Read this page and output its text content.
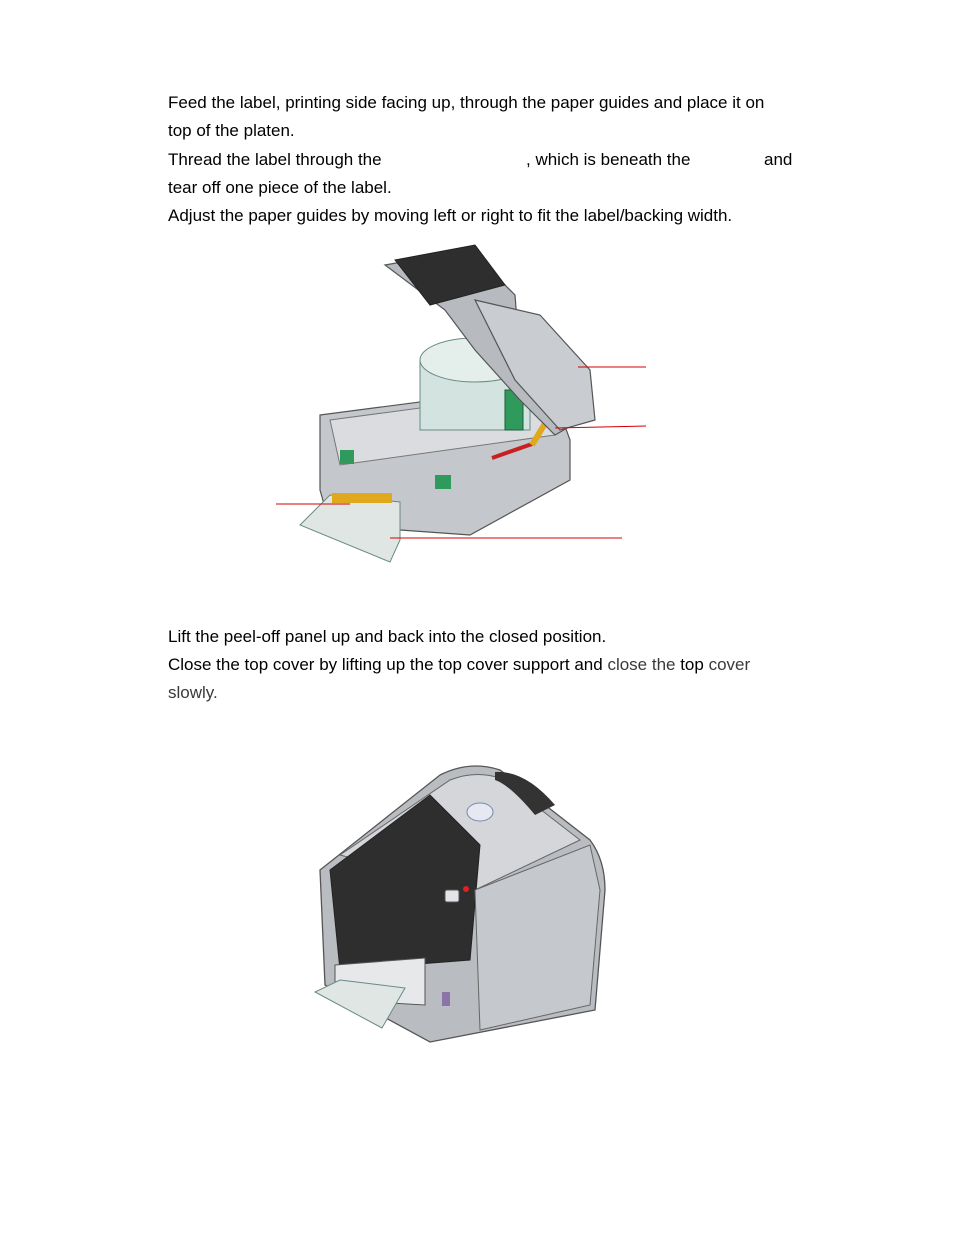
Feed the label, printing side facing up, through the paper guides and place it on
top of the platen.

Thread the label through the	, which is beneath the	and
tear off one piece of the label.

Adjust the paper guides by moving left or right to fit the label/backing width.

Lift the peel-off panel up and back into the closed position.

Close the top cover by lifting up the top cover support and close the top cover
slowly.
